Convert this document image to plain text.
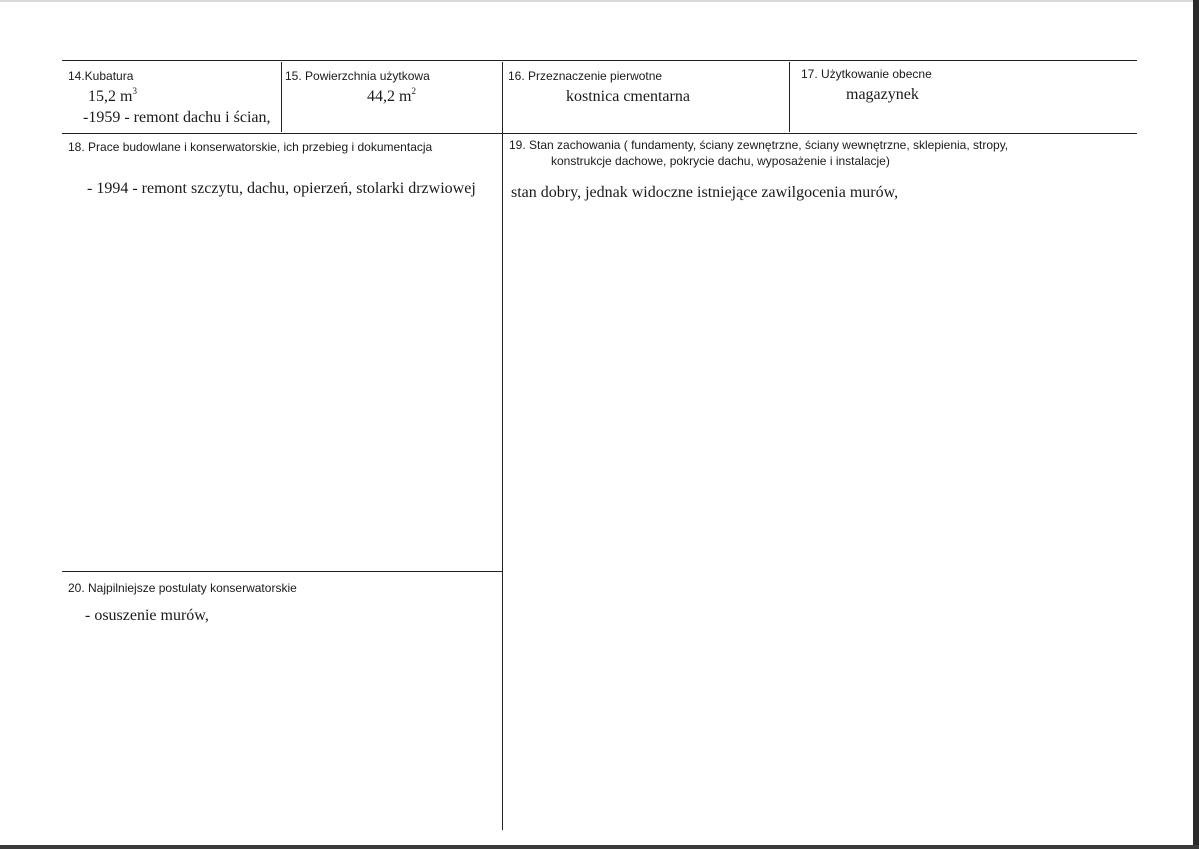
14.Kubatura
15,2 $m^3$
-1959 - remont dachu i ścian,
15. Powierzchnia użytkowa
44,2 $m^2$
16. Przeznaczenie pierwotne
kostnica cmentarna
17. Użytkowanie obecne
magazynek
18. Prace budowlane i konserwatorskie, ich przebieg i dokumentacja
- 1994 - remont szczytu, dachu, opierzeń, stolarki drzwiowej
19. Stan zachowania ( fundamenty, ściany zewnętrzne, ściany wewnętrzne, sklepienia, stropy,
konstrukcje dachowe, pokrycie dachu, wyposażenie i instalacje)
stan dobry, jednak widoczne istniejące zawilgocenia murów,
20. Najpilniejsze postulaty konserwatorskie
- osuszenie murów,
